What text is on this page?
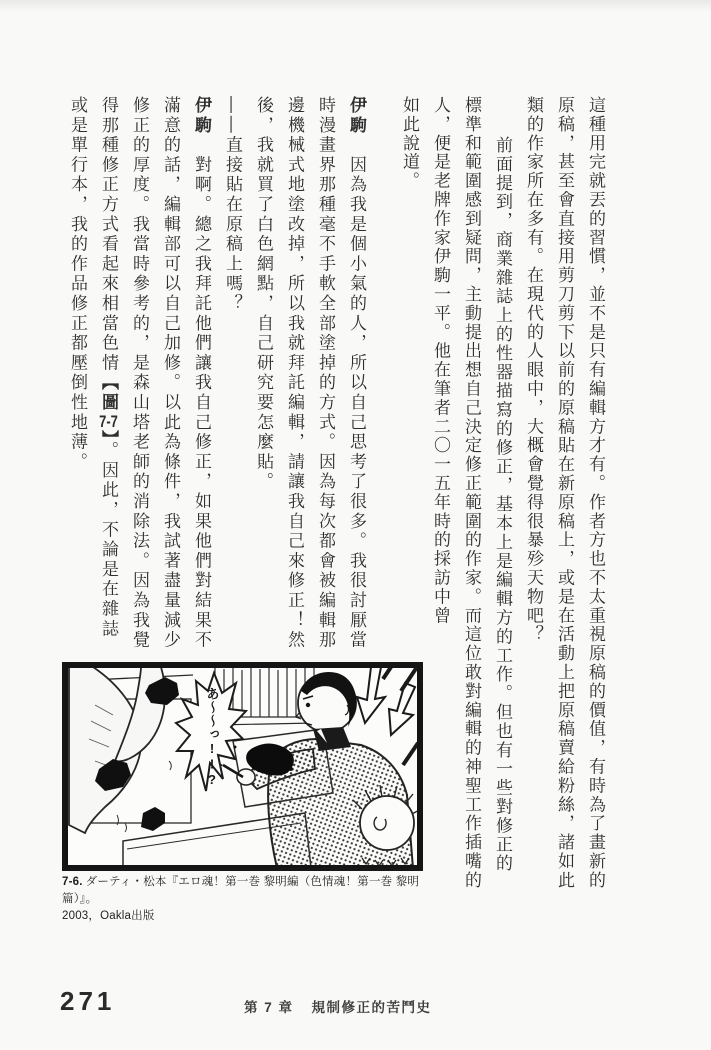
這種用完就丟的習慣，並不是只有編輯方才有。作者方也不太重視原稿的價值，有時為了畫新的原稿，甚至會直接用剪刀剪下以前的原稿貼在新原稿上，或是在活動上把原稿賣給粉絲，諸如此類的作家所在多有。在現代的人眼中，大概會覺得很暴殄天物吧？

前面提到，商業雜誌上的性器描寫的修正，基本上是編輯方的工作。但也有一些對修正的標準和範圍感到疑問，主動提出想自己決定修正範圍的作家。而這位敢對編輯的神聖工作插嘴的人，便是老牌作家伊駒一平。他在筆者二〇一五年時的採訪中曾

如此說道。

伊駒　因為我是個小氣的人，所以自己思考了很多。我很討厭當時漫畫界那種毫不手軟全部塗掉的方式。因為每次都會被編輯那邊機械式地塗改掉，所以我就拜託編輯，請讓我自己來修正！然後，我就買了白色網點，自己研究要怎麼貼。

——直接貼在原稿上嗎？

伊駒　對啊。總之我拜託他們讓我自己修正，如果他們對結果不滿意的話，編輯部可以自己加修。以此為條件，我試著盡量減少修正的厚度。我當時參考的，是森山塔老師的消除法。因為我覺得那種修正方式看起來相當色情【圖7-7】。因此，不論是在雜誌或是單行本，我的作品修正都壓倒性地薄。

あ〜〜っ!!?
7-6. ダーティ・松本『エロ魂！第一巻 黎明編（色情魂！第一巻 黎明篇）』。
2003，Oakla出版
271	第 7 章 規制修正的苦鬥史
